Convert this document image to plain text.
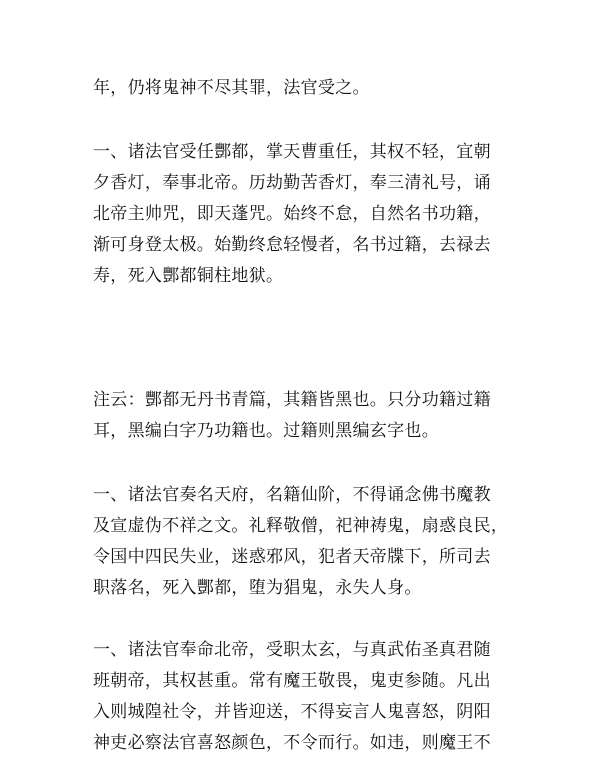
年，仍将鬼神不尽其罪，法官受之。

一、诸法官受任酆都，掌天曹重任，其权不轻，宜朝
夕香灯，奉事北帝。历劫勤苦香灯，奉三清礼号，诵
北帝主帅咒，即天蓬咒。始终不怠，自然名书功籍，
渐可身登太极。始勤终怠轻慢者，名书过籍，去禄去
寿，死入酆都铜柱地狱。

注云：酆都无丹书青篇，其籍皆黑也。只分功籍过籍
耳，黑编白字乃功籍也。过籍则黑编玄字也。

一、诸法官奏名天府，名籍仙阶，不得诵念佛书魔教
及宣虚伪不祥之文。礼释敬僧，祀神祷鬼，扇惑良民，
令国中四民失业，迷惑邪风，犯者天帝牒下，所司去
职落名，死入酆都，堕为猖鬼，永失人身。

一、诸法官奉命北帝，受职太玄，与真武佑圣真君随
班朝帝，其权甚重。常有魔王敬畏，鬼吏参随。凡出
入则城隍社令，并皆迎送，不得妄言人鬼喜怒，阴阳
神吏必察法官喜怒颜色，不令而行。如违，则魔王不
